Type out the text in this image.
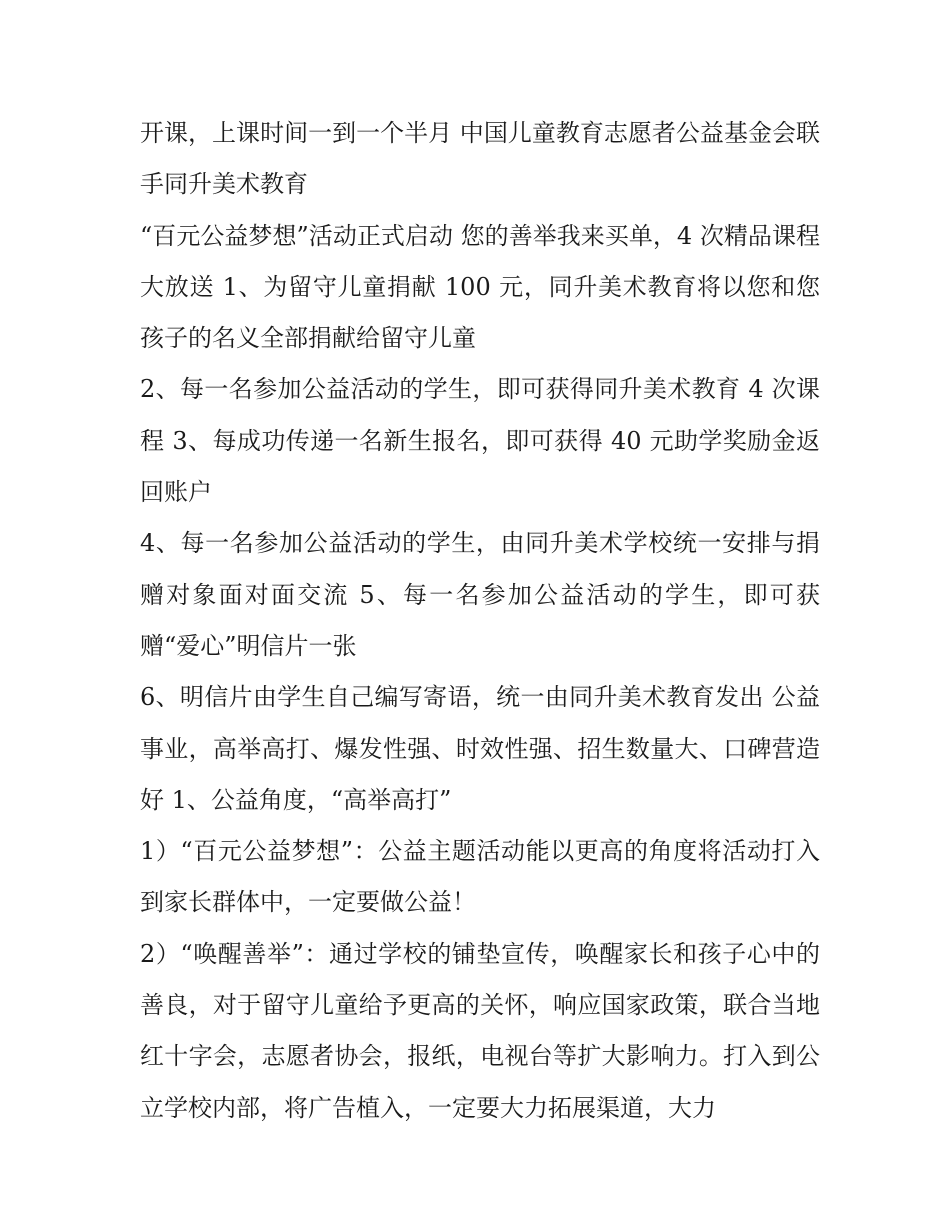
开课，上课时间一到一个半月 中国儿童教育志愿者公益基金会联手同升美术教育

“百元公益梦想”活动正式启动 您的善举我来买单，4 次精品课程大放送 1、为留守儿童捐献 100 元，同升美术教育将以您和您孩子的名义全部捐献给留守儿童

2、每一名参加公益活动的学生，即可获得同升美术教育 4 次课程 3、每成功传递一名新生报名，即可获得 40 元助学奖励金返回账户

4、每一名参加公益活动的学生，由同升美术学校统一安排与捐赠对象面对面交流 5、每一名参加公益活动的学生，即可获赠“爱心”明信片一张

6、明信片由学生自己编写寄语，统一由同升美术教育发出 公益事业，高举高打、爆发性强、时效性强、招生数量大、口碑营造好 1、公益角度，“高举高打”

1）“百元公益梦想”：公益主题活动能以更高的角度将活动打入到家长群体中，一定要做公益！

2）“唤醒善举”：通过学校的铺垫宣传，唤醒家长和孩子心中的善良，对于留守儿童给予更高的关怀，响应国家政策，联合当地红十字会，志愿者协会，报纸，电视台等扩大影响力。打入到公立学校内部，将广告植入，一定要大力拓展渠道，大力
